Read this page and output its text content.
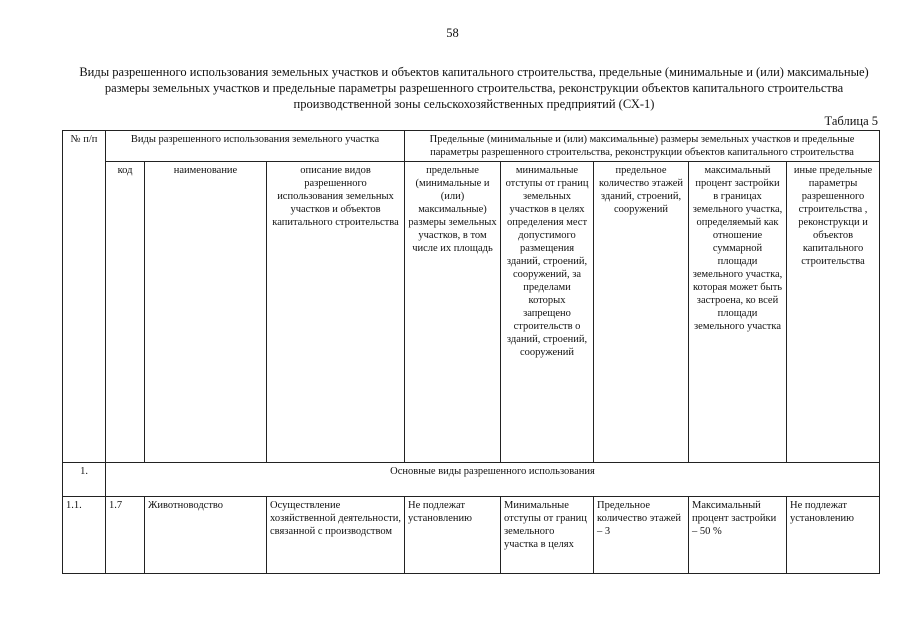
58
Виды разрешенного использования земельных участков и объектов капитального строительства, предельные (минимальные и (или) максимальные) размеры земельных участков и предельные параметры разрешенного строительства, реконструкции объектов капитального строительства производственной зоны сельскохозяйственных предприятий (СХ-1)
Таблица 5
№ п/п	Виды разрешенного использования земельного участка			Предельные (минимальные и (или) максимальные) размеры земельных участков и предельные параметры разрешенного строительства, реконструкции объектов капитального строительства				
	код	наименование	описание видов разрешенного использования земельных участков и объектов капитального строительства	предельные (минимальные и (или) максимальные) размеры земельных участков, в том числе их площадь	минимальные отступы от границ земельных участков в целях определения мест допустимого размещения зданий, строений, сооружений, за пределами которых запрещено строительств о зданий, строений, сооружений	предельное количество этажей зданий, строений, сооружений	максимальный процент застройки в границах земельного участка, определяемый как отношение суммарной площади земельного участка, которая может быть застроена, ко всей площади земельного участка	иные предельные параметры разрешенного строительства , реконструкци и объектов капитального строительства
1.	Основные виды разрешенного использования							
1.1.	1.7	Животноводство	Осуществление хозяйственной деятельности, связанной с производством	Не подлежат установлению	Минимальные отступы от границ земельного участка в целях	Предельное количество этажей – 3	Максимальный процент застройки – 50 %	Не подлежат установлению
